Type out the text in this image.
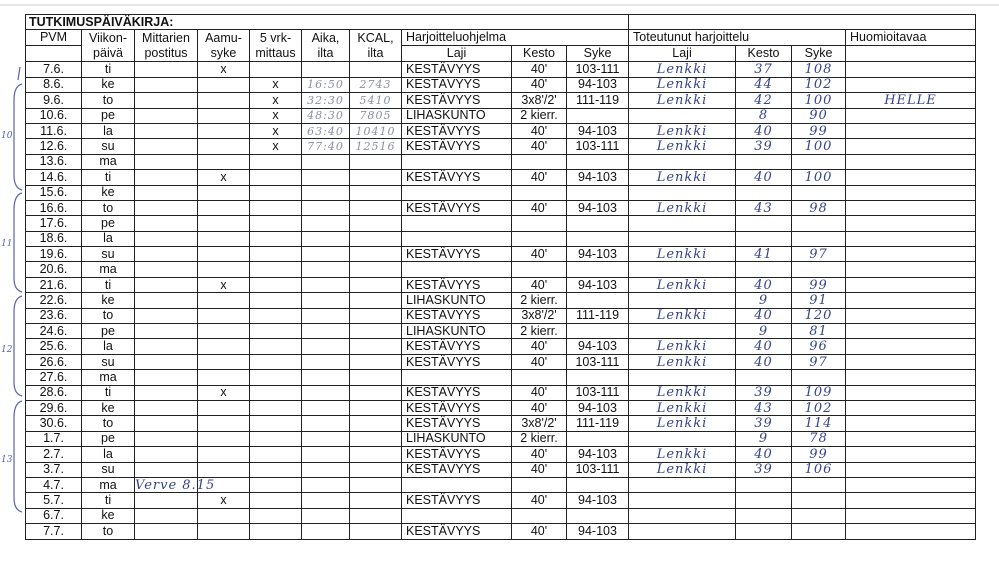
10
11
12
13
TUTKIMUSPÄIVÄKIRJA:													
PVM	Viikon-	Mittarien	Aamu-	5 vrk-	Aika,	KCAL,	Harjoitteluohjelma			Toteutunut harjoittelu			Huomioitavaa
	päivä	postitus	syke	mittaus	ilta	ilta	Laji	Kesto	Syke	Laji	Kesto	Syke	
7.6.	ti		x				KESTÄVYYS	40'	103-111	Lenkki	37	108	
8.6.	ke			x	16:50	2743	KESTÄVYYS	40'	94-103	Lenkki	44	102	
9.6.	to			x	32:30	5410	KESTÄVYYS	3x8'/2'	111-119	Lenkki	42	100	HELLE
10.6.	pe			x	48:30	7805	LIHASKUNTO	2 kierr.			8	90	
11.6.	la			x	63:40	10410	KESTÄVYYS	40'	94-103	Lenkki	40	99	
12.6.	su			x	77:40	12516	KESTÄVYYS	40'	103-111	Lenkki	39	100	
13.6.	ma												
14.6.	ti		x				KESTÄVYYS	40'	94-103	Lenkki	40	100	
15.6.	ke												
16.6.	to						KESTÄVYYS	40'	94-103	Lenkki	43	98	
17.6.	pe												
18.6.	la												
19.6.	su						KESTÄVYYS	40'	94-103	Lenkki	41	97	
20.6.	ma												
21.6.	ti		x				KESTÄVYYS	40'	94-103	Lenkki	40	99	
22.6.	ke						LIHASKUNTO	2 kierr.			9	91	
23.6.	to						KESTÄVYYS	3x8'/2'	111-119	Lenkki	40	120	
24.6.	pe						LIHASKUNTO	2 kierr.			9	81	
25.6.	la						KESTÄVYYS	40'	94-103	Lenkki	40	96	
26.6.	su						KESTÄVYYS	40'	103-111	Lenkki	40	97	
27.6.	ma												
28.6.	ti		x				KESTÄVYYS	40'	103-111	Lenkki	39	109	
29.6.	ke						KESTÄVYYS	40'	94-103	Lenkki	43	102	
30.6.	to						KESTÄVYYS	3x8'/2'	111-119	Lenkki	39	114	
1.7.	pe						LIHASKUNTO	2 kierr.			9	78	
2.7.	la						KESTÄVYYS	40'	94-103	Lenkki	40	99	
3.7.	su						KESTÄVYYS	40'	103-111	Lenkki	39	106	
4.7.	ma	Verve 8.15											
5.7.	ti		x				KESTÄVYYS	40'	94-103				
6.7.	ke												
7.7.	to						KESTÄVYYS	40'	94-103				
